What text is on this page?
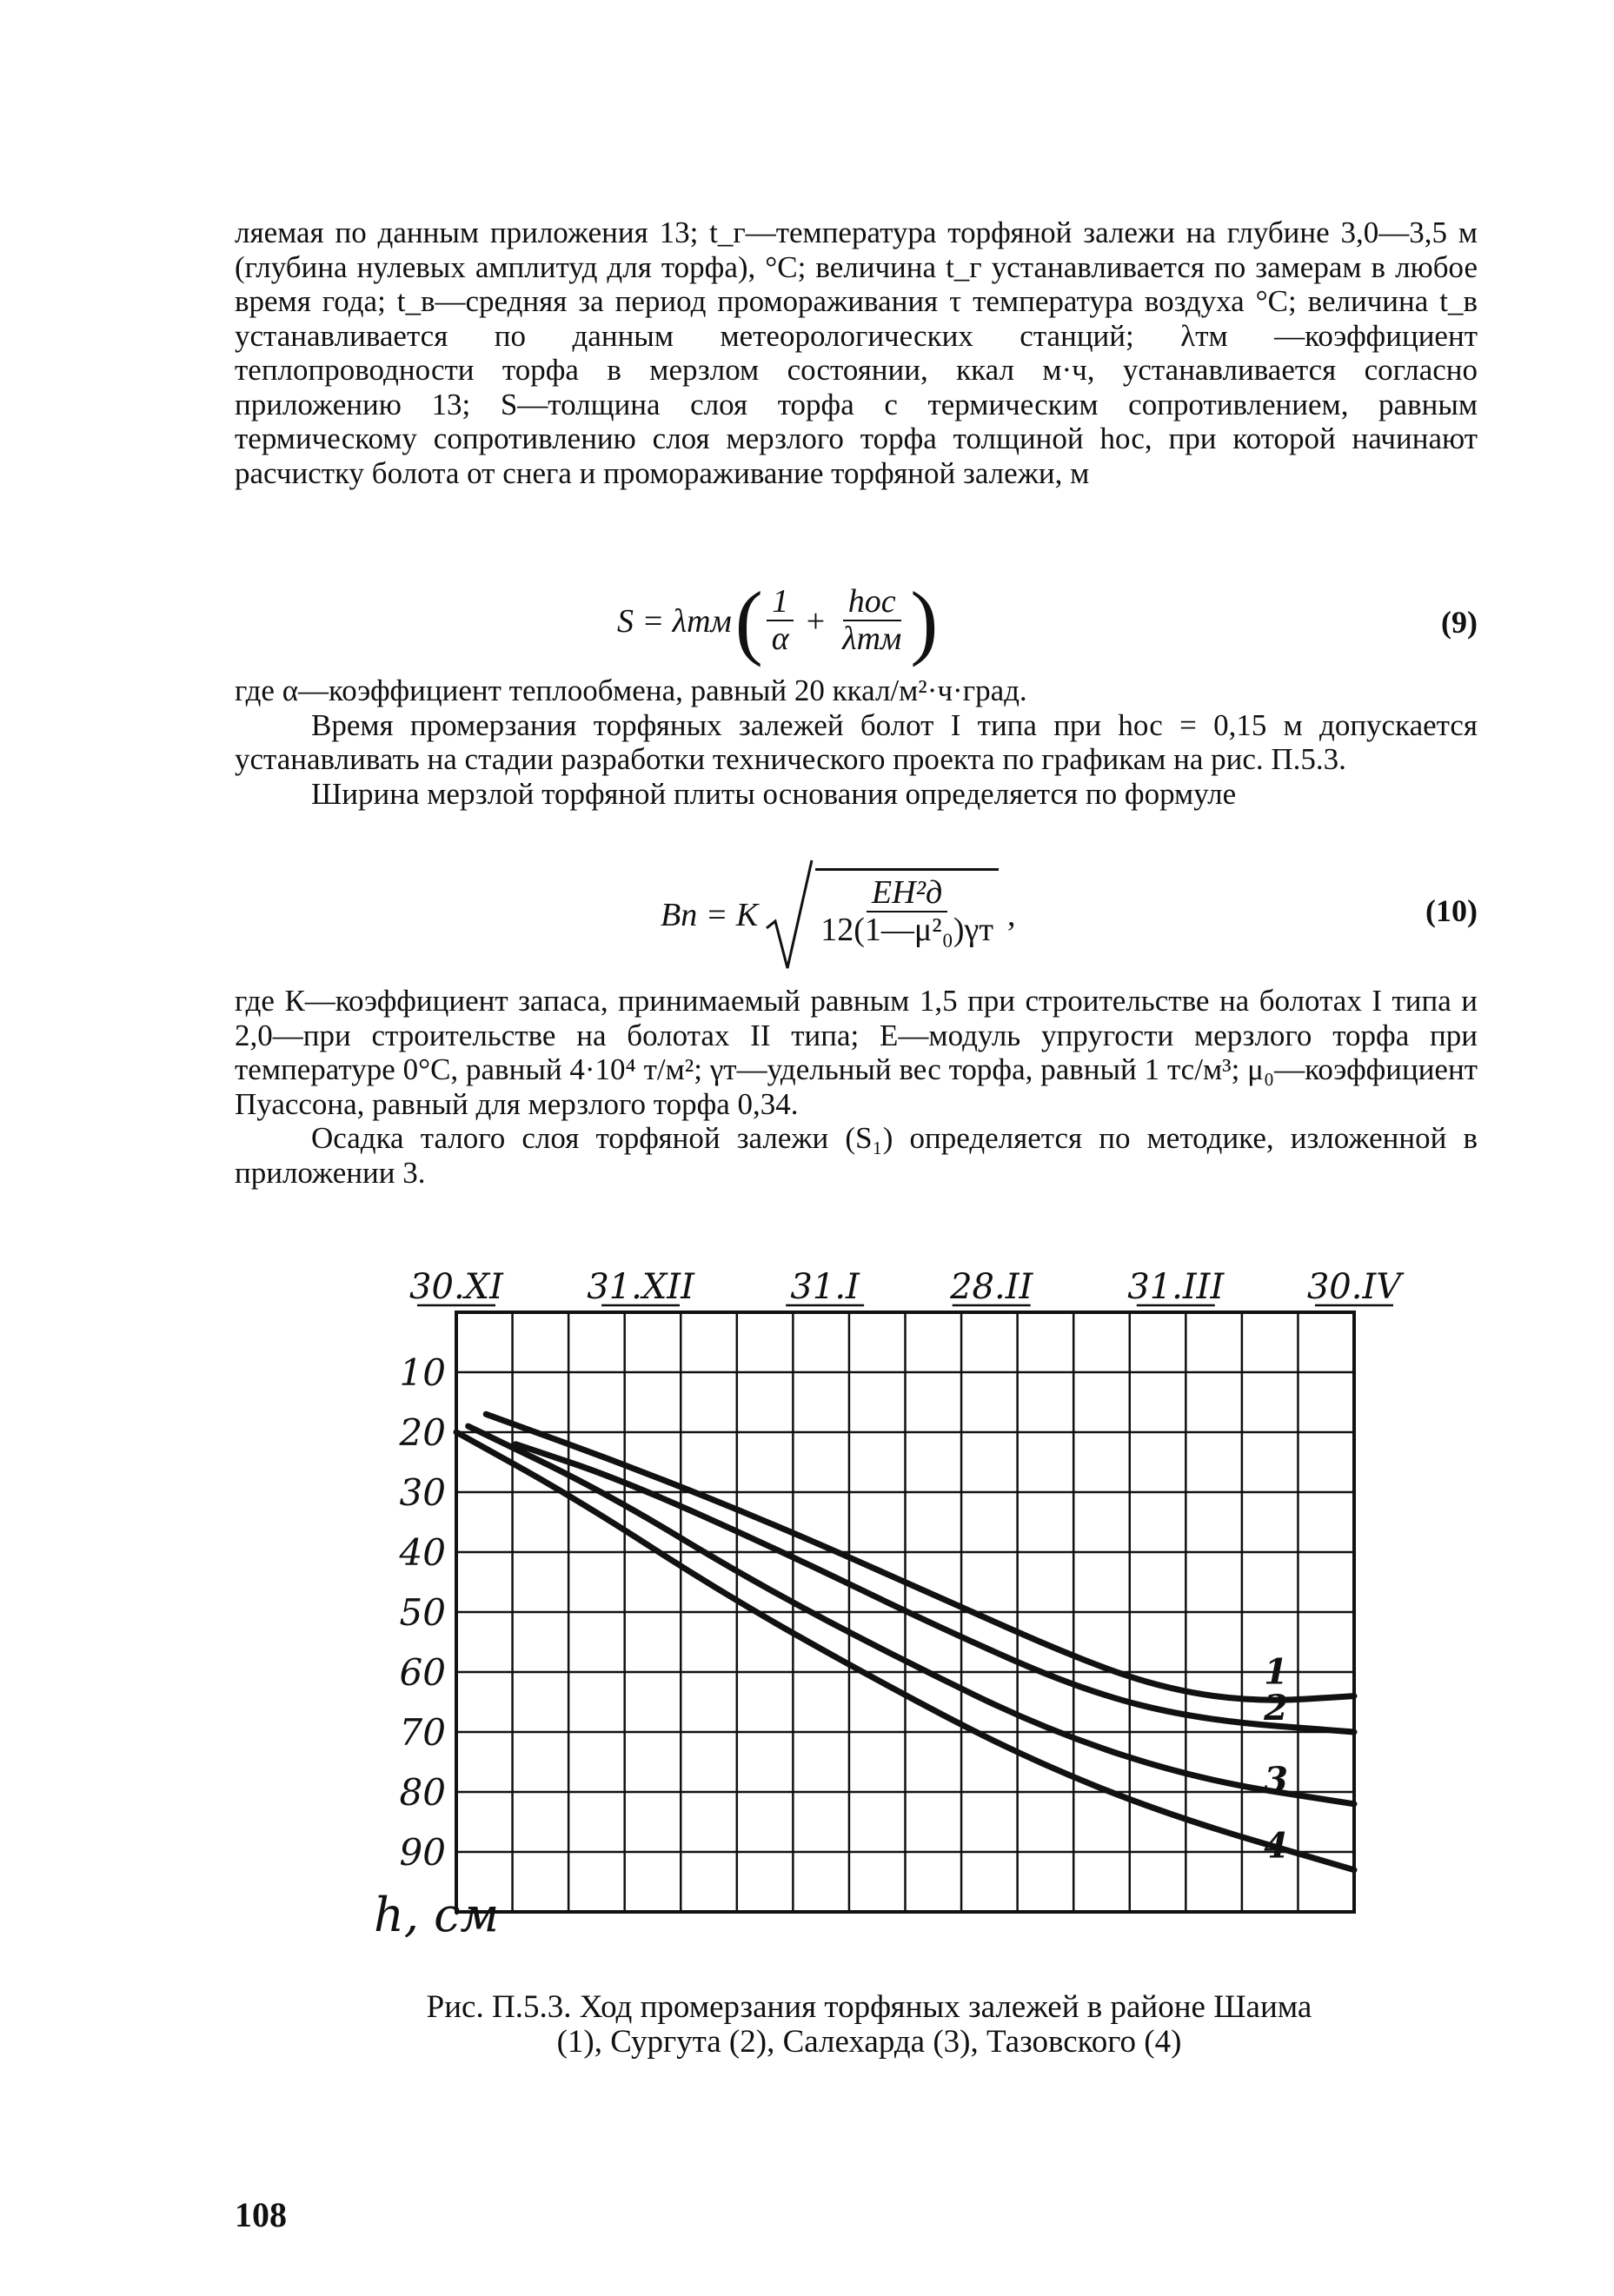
ляемая по данным приложения 13; t_г—температура торфяной залежи на глубине 3,0—3,5 м (глубина нулевых амплитуд для торфа), °C; величина t_г устанавливается по замерам в любое время года; t_в—средняя за период промораживания τ температура воздуха °C; величина t_в устанавливается по данным метеорологических станций; λтм —коэффициент теплопроводности торфа в мерзлом состоянии, ккал м·ч, устанавливается согласно приложению 13; S—толщина слоя торфа с термическим сопротивлением, равным термическому сопротивлению слоя мерзлого торфа толщиной hос, при которой начинают расчистку болота от снега и промораживание торфяной залежи, м

S = λтм ( $\frac{1}{\alpha} + \frac{\text{hос}}{\text{λтм}}$ )	(9)

где α—коэффициент теплообмена, равный 20 ккал/м²·ч·град.

Время промерзания торфяных залежей болот I типа при hос = 0,15 м допускается устанавливать на стадии разработки технического проекта по графикам на рис. П.5.3.

Ширина мерзлой торфяной плиты основания определяется по формуле

Bп = K $\frac{\text{EH²д}}{\text{12(1—μ²₀)γт}}$ ,	(10)

где К—коэффициент запаса, принимаемый равным 1,5 при строительстве на болотах I типа и 2,0—при строительстве на болотах II типа; E—модуль упругости мерзлого торфа при температуре 0°C, равный 4·10⁴ т/м²; γт—удельный вес торфа, равный 1 тс/м³; μ₀—коэффициент Пуассона, равный для мерзлого торфа 0,34.

Осадка талого слоя торфяной залежи (S₁) определяется по методике, изложенной в приложении 3.

30.XI 31.XII	31.I	28.II	31.III 30.IV
10
20
30
40
50
60
70
80
90
h, см
1
2
3
4
Рис. П.5.3. Ход промерзания торфяных залежей в районе Шаима (1), Сургута (2), Салехарда (3), Тазовского (4)
108
